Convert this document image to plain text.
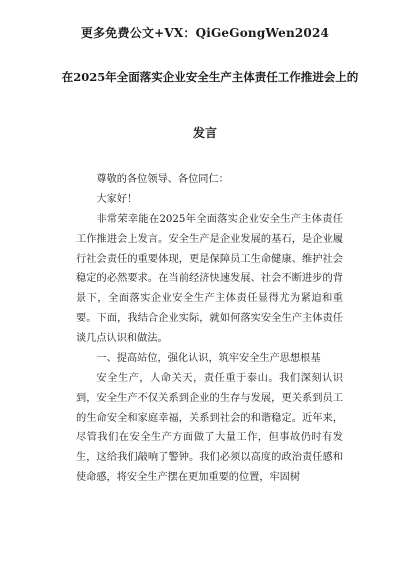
更多免费公文+VX：QiGeGongWen2024
在2025年全面落实企业安全生产主体责任工作推进会上的
发言

尊敬的各位领导、各位同仁：

大家好！

非常荣幸能在2025年全面落实企业安全生产主体责任工作推进会上发言。安全生产是企业发展的基石，是企业履行社会责任的重要体现，更是保障员工生命健康、维护社会稳定的必然要求。在当前经济快速发展、社会不断进步的背景下，全面落实企业安全生产主体责任显得尤为紧迫和重要。下面，我结合企业实际，就如何落实安全生产主体责任谈几点认识和做法。

一、提高站位，强化认识，筑牢安全生产思想根基

安全生产，人命关天，责任重于泰山。我们深刻认识到，安全生产不仅关系到企业的生存与发展，更关系到员工的生命安全和家庭幸福，关系到社会的和谐稳定。近年来，尽管我们在安全生产方面做了大量工作，但事故仍时有发生，这给我们敲响了警钟。我们必须以高度的政治责任感和使命感，将安全生产摆在更加重要的位置，牢固树
